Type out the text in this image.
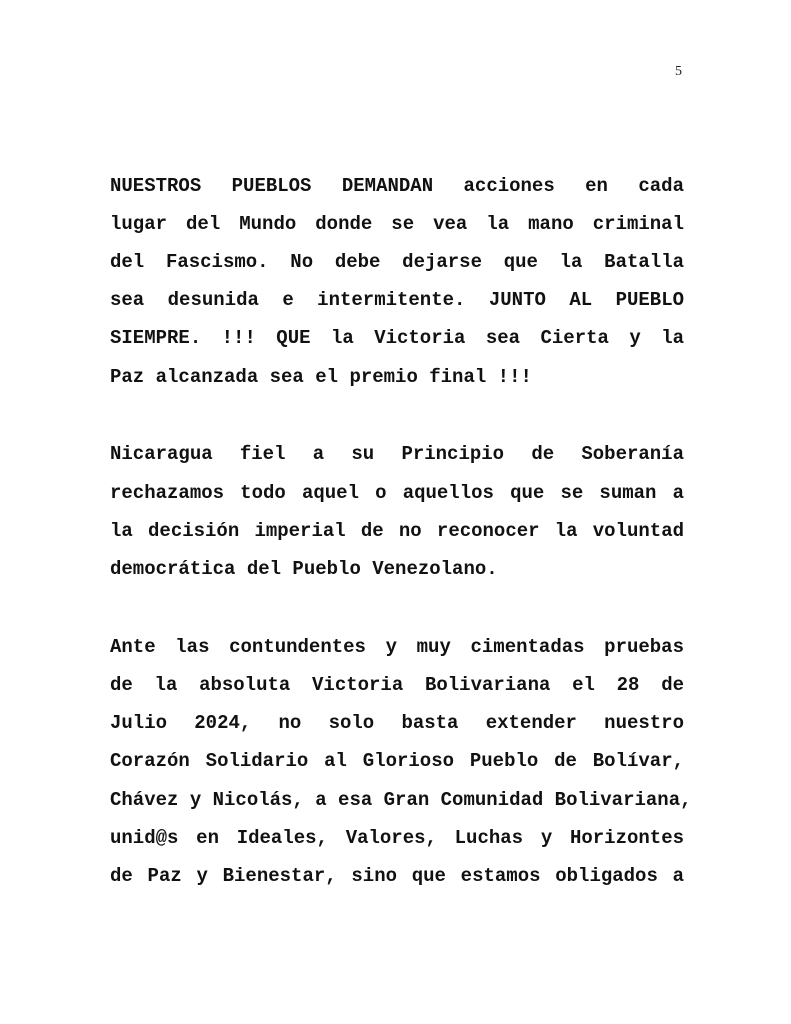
5
NUESTROS PUEBLOS DEMANDAN acciones en cada
lugar del Mundo donde se vea la mano criminal
del Fascismo. No debe dejarse que la Batalla
sea desunida e intermitente. JUNTO AL PUEBLO
SIEMPRE. !!! QUE la Victoria sea Cierta y la
Paz alcanzada sea el premio final !!!
Nicaragua fiel a su Principio de Soberanía
rechazamos todo aquel o aquellos que se suman a
la decisión imperial de no reconocer la voluntad
democrática del Pueblo Venezolano.
Ante las contundentes y muy cimentadas pruebas
de la absoluta Victoria Bolivariana el 28 de
Julio 2024, no solo basta extender nuestro
Corazón Solidario al Glorioso Pueblo de Bolívar,
Chávez y Nicolás, a esa Gran Comunidad Bolivariana,
unid@s en Ideales, Valores, Luchas y Horizontes
de Paz y Bienestar, sino que estamos obligados a
